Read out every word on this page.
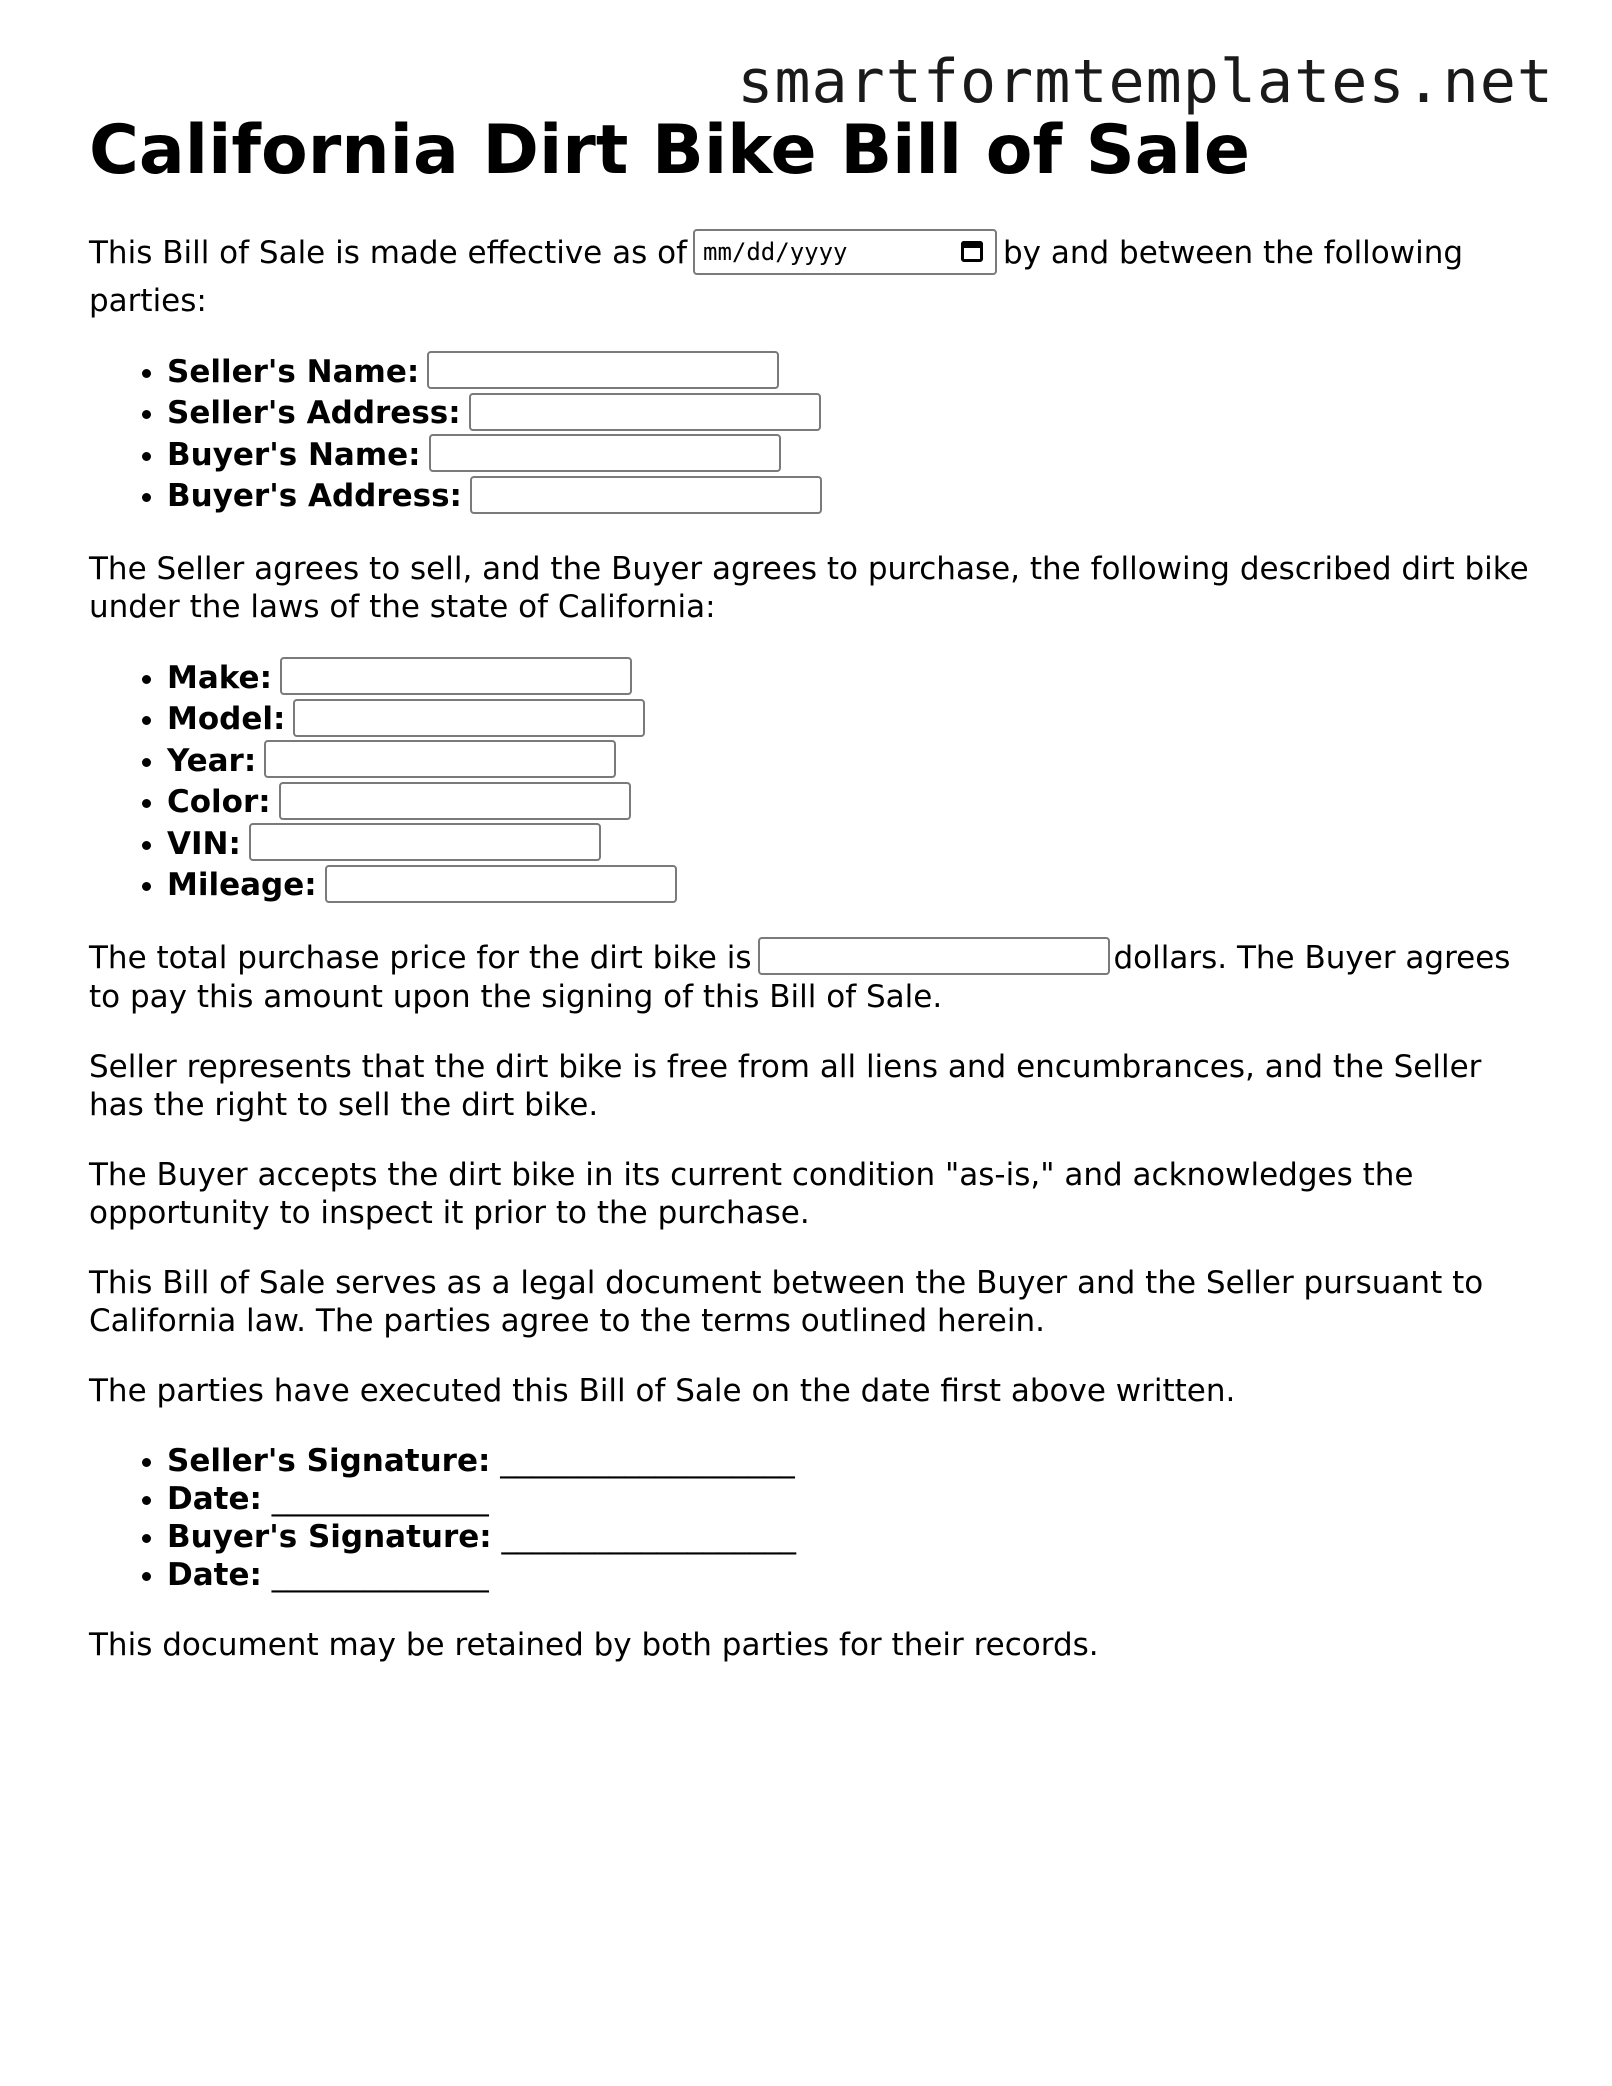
smartformtemplates.net
California Dirt Bike Bill of Sale

This Bill of Sale is made effective as of mm/dd/yyyy	by and between the following parties:

• Seller's Name:
• Seller's Address:
• Buyer's Name:
• Buyer's Address:

The Seller agrees to sell, and the Buyer agrees to purchase, the following described dirt bike under the laws of the state of California:

• Make:
• Model:
• Year:
• Color:
• VIN:
• Mileage:

The total purchase price for the dirt bike is	dollars. The Buyer agrees to pay this amount upon the signing of this Bill of Sale.

Seller represents that the dirt bike is free from all liens and encumbrances, and the Seller has the right to sell the dirt bike.

The Buyer accepts the dirt bike in its current condition "as-is," and acknowledges the opportunity to inspect it prior to the purchase.

This Bill of Sale serves as a legal document between the Buyer and the Seller pursuant to California law. The parties agree to the terms outlined herein.

The parties have executed this Bill of Sale on the date first above written.

• Seller's Signature: ___________________
• Date: ______________
• Buyer's Signature: ___________________
• Date: ______________

This document may be retained by both parties for their records.
